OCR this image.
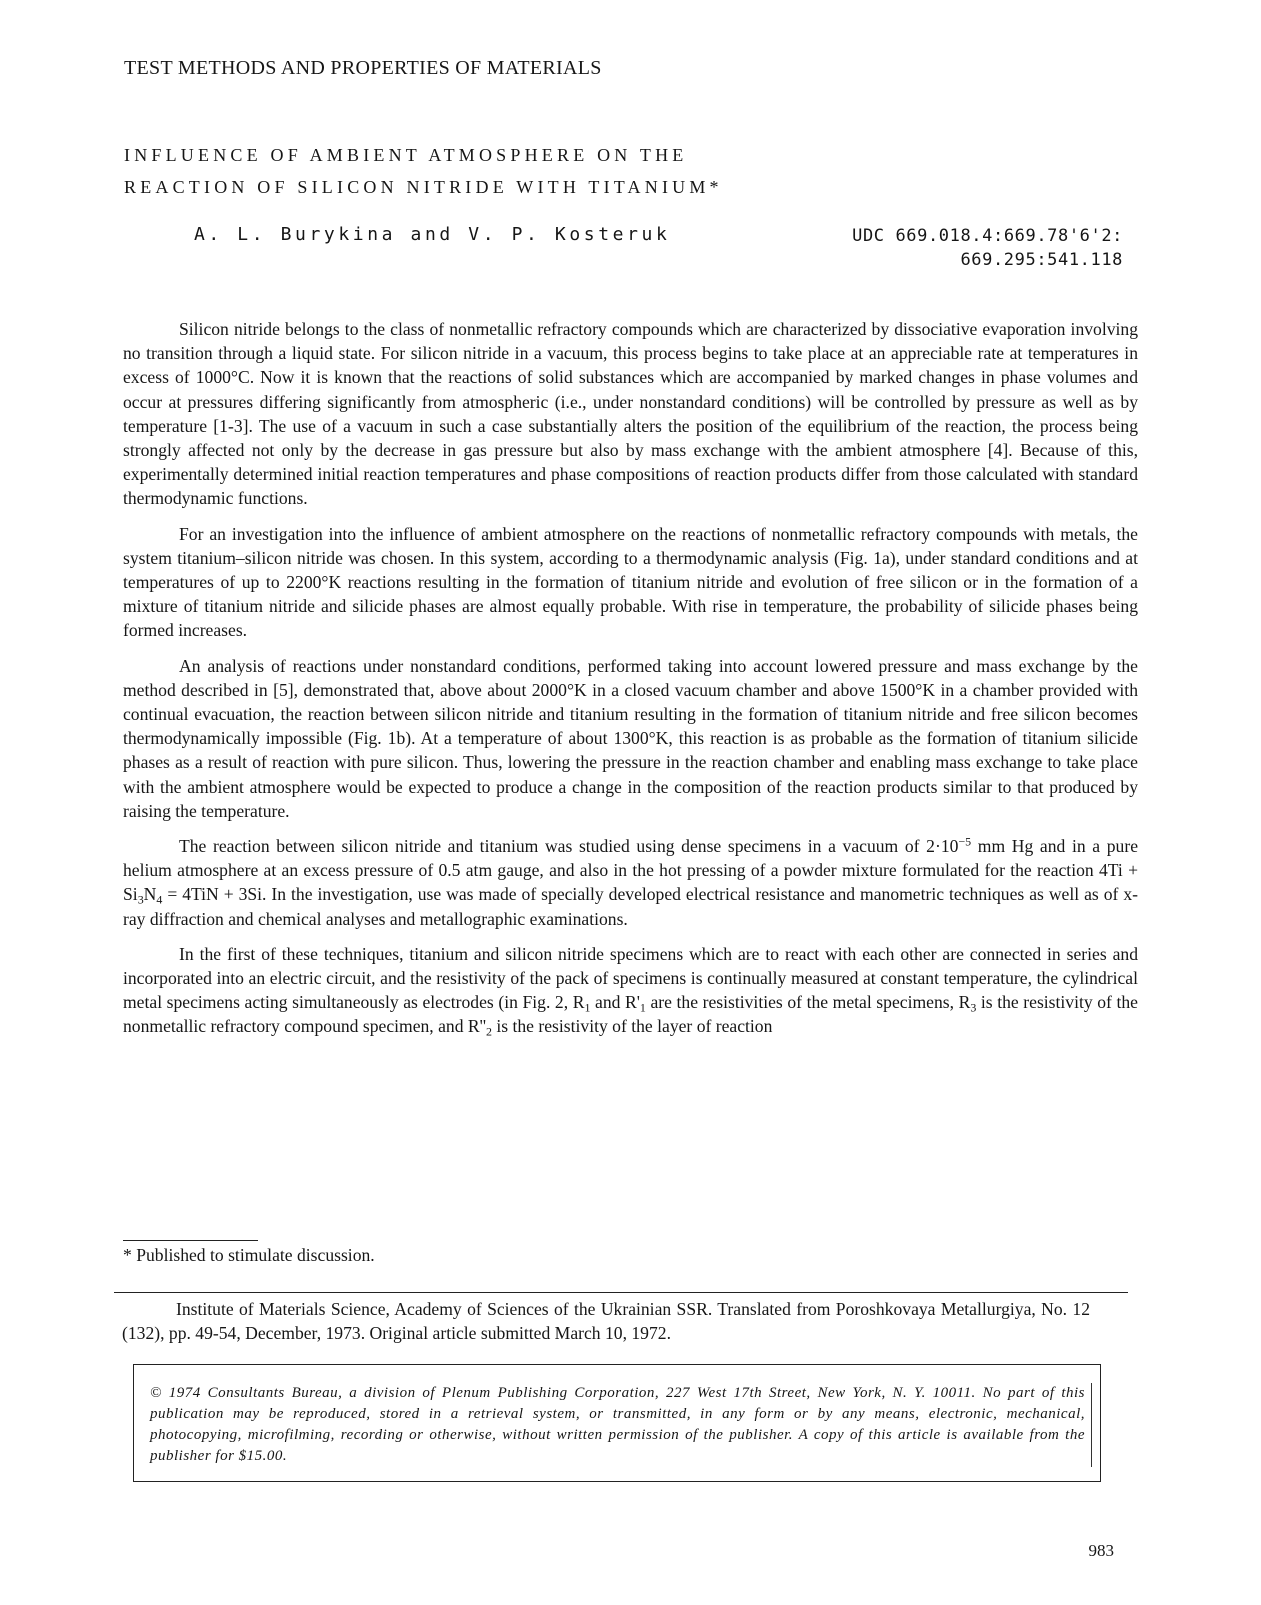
TEST METHODS AND PROPERTIES OF MATERIALS
INFLUENCE OF AMBIENT ATMOSPHERE ON THE
REACTION OF SILICON NITRIDE WITH TITANIUM*
A. L. Burykina and V. P. Kosteruk	UDC 669.018.4:669.78'6'2:
669.295:541.118

Silicon nitride belongs to the class of nonmetallic refractory compounds which are characterized by dissociative evaporation involving no transition through a liquid state. For silicon nitride in a vacuum, this process begins to take place at an appreciable rate at temperatures in excess of 1000°C. Now it is known that the reactions of solid substances which are accompanied by marked changes in phase volumes and occur at pressures differing significantly from atmospheric (i.e., under nonstandard conditions) will be controlled by pressure as well as by temperature [1-3]. The use of a vacuum in such a case substantially alters the position of the equilibrium of the reaction, the process being strongly affected not only by the decrease in gas pressure but also by mass exchange with the ambient atmosphere [4]. Because of this, experimentally determined initial reaction temperatures and phase compositions of reaction products differ from those calculated with standard thermodynamic functions.

For an investigation into the influence of ambient atmosphere on the reactions of nonmetallic refractory compounds with metals, the system titanium–silicon nitride was chosen. In this system, according to a thermodynamic analysis (Fig. 1a), under standard conditions and at temperatures of up to 2200°K reactions resulting in the formation of titanium nitride and evolution of free silicon or in the formation of a mixture of titanium nitride and silicide phases are almost equally probable. With rise in temperature, the probability of silicide phases being formed increases.

An analysis of reactions under nonstandard conditions, performed taking into account lowered pressure and mass exchange by the method described in [5], demonstrated that, above about 2000°K in a closed vacuum chamber and above 1500°K in a chamber provided with continual evacuation, the reaction between silicon nitride and titanium resulting in the formation of titanium nitride and free silicon becomes thermodynamically impossible (Fig. 1b). At a temperature of about 1300°K, this reaction is as probable as the formation of titanium silicide phases as a result of reaction with pure silicon. Thus, lowering the pressure in the reaction chamber and enabling mass exchange to take place with the ambient atmosphere would be expected to produce a change in the composition of the reaction products similar to that produced by raising the temperature.

The reaction between silicon nitride and titanium was studied using dense specimens in a vacuum of $2\cdot 10^{-5}$ mm Hg and in a pure helium atmosphere at an excess pressure of 0.5 atm gauge, and also in the hot pressing of a powder mixture formulated for the reaction $4Ti + Si_3N_4 = 4TiN + 3Si$. In the investigation, use was made of specially developed electrical resistance and manometric techniques as well as of x-ray diffraction and chemical analyses and metallographic examinations.

In the first of these techniques, titanium and silicon nitride specimens which are to react with each other are connected in series and incorporated into an electric circuit, and the resistivity of the pack of specimens is continually measured at constant temperature, the cylindrical metal specimens acting simultaneously as electrodes (in Fig. 2, $R_1$ and $R'_1$ are the resistivities of the metal specimens, $R_3$ is the resistivity of the nonmetallic refractory compound specimen, and $R''_2$ is the resistivity of the layer of reaction

* Published to stimulate discussion.
Institute of Materials Science, Academy of Sciences of the Ukrainian SSR. Translated from Poroshkovaya Metallurgiya, No. 12 (132), pp. 49-54, December, 1973. Original article submitted March 10, 1972.
© 1974 Consultants Bureau, a division of Plenum Publishing Corporation, 227 West 17th Street, New York, N. Y. 10011. No part of this publication may be reproduced, stored in a retrieval system, or transmitted, in any form or by any means, electronic, mechanical, photocopying, microfilming, recording or otherwise, without written permission of the publisher. A copy of this article is available from the publisher for $15.00.
983
